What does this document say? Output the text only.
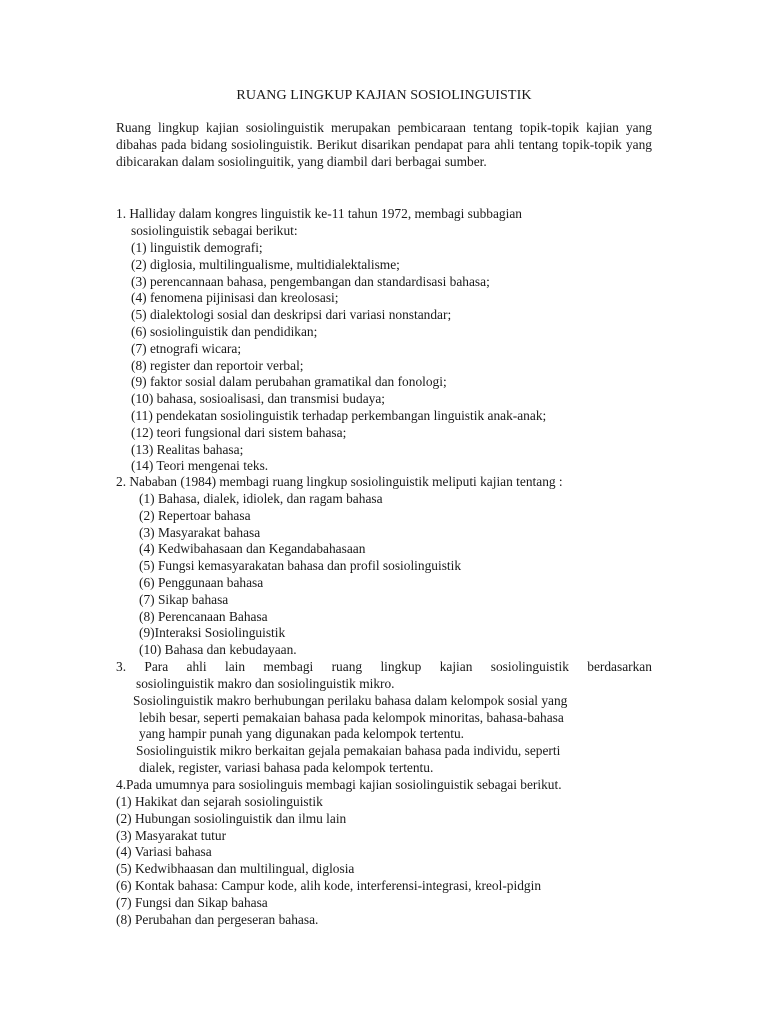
RUANG LINGKUP KAJIAN SOSIOLINGUISTIK

Ruang lingkup kajian sosiolinguistik merupakan pembicaraan tentang topik-topik kajian yang dibahas pada bidang sosiolinguistik. Berikut disarikan pendapat para ahli tentang topik-topik yang dibicarakan dalam sosiolinguitik, yang diambil dari berbagai sumber.

1. Halliday dalam kongres linguistik ke-11 tahun 1972, membagi subbagian

sosiolinguistik sebagai berikut:

(1) linguistik demografi;

(2) diglosia, multilingualisme, multidialektalisme;

(3) perencannaan bahasa, pengembangan dan standardisasi bahasa;

(4) fenomena pijinisasi dan kreolosasi;

(5) dialektologi sosial dan deskripsi dari variasi nonstandar;

(6) sosiolinguistik dan pendidikan;

(7) etnografi wicara;

(8) register dan reportoir verbal;

(9) faktor sosial dalam perubahan gramatikal dan fonologi;

(10) bahasa, sosioalisasi, dan transmisi budaya;

(11) pendekatan sosiolinguistik terhadap perkembangan linguistik anak-anak;

(12) teori fungsional dari sistem bahasa;

(13) Realitas bahasa;

(14) Teori mengenai teks.

2. Nababan (1984) membagi ruang lingkup sosiolinguistik meliputi kajian tentang :

(1) Bahasa, dialek, idiolek, dan ragam bahasa

(2) Repertoar bahasa

(3) Masyarakat bahasa

(4) Kedwibahasaan dan Kegandabahasaan

(5) Fungsi kemasyarakatan bahasa dan profil sosiolinguistik

(6) Penggunaan bahasa

(7) Sikap bahasa

(8) Perencanaan Bahasa

(9)Interaksi Sosiolinguistik

(10) Bahasa dan kebudayaan.

3. Para ahli lain membagi ruang lingkup kajian sosiolinguistik berdasarkan

sosiolinguistik makro dan sosiolinguistik mikro.

Sosiolinguistik makro berhubungan perilaku bahasa dalam kelompok sosial yang

lebih besar, seperti pemakaian bahasa pada kelompok minoritas, bahasa-bahasa

yang hampir punah yang digunakan pada kelompok tertentu.

Sosiolinguistik mikro berkaitan gejala pemakaian bahasa pada individu, seperti

dialek, register, variasi bahasa pada kelompok tertentu.

4.Pada umumnya para sosiolinguis membagi kajian sosiolinguistik sebagai berikut.

(1) Hakikat dan sejarah sosiolinguistik

(2) Hubungan sosiolinguistik dan ilmu lain

(3) Masyarakat tutur

(4) Variasi bahasa

(5) Kedwibhaasan dan multilingual, diglosia

(6) Kontak bahasa: Campur kode, alih kode, interferensi-integrasi, kreol-pidgin

(7) Fungsi dan Sikap bahasa

(8) Perubahan dan pergeseran bahasa.
